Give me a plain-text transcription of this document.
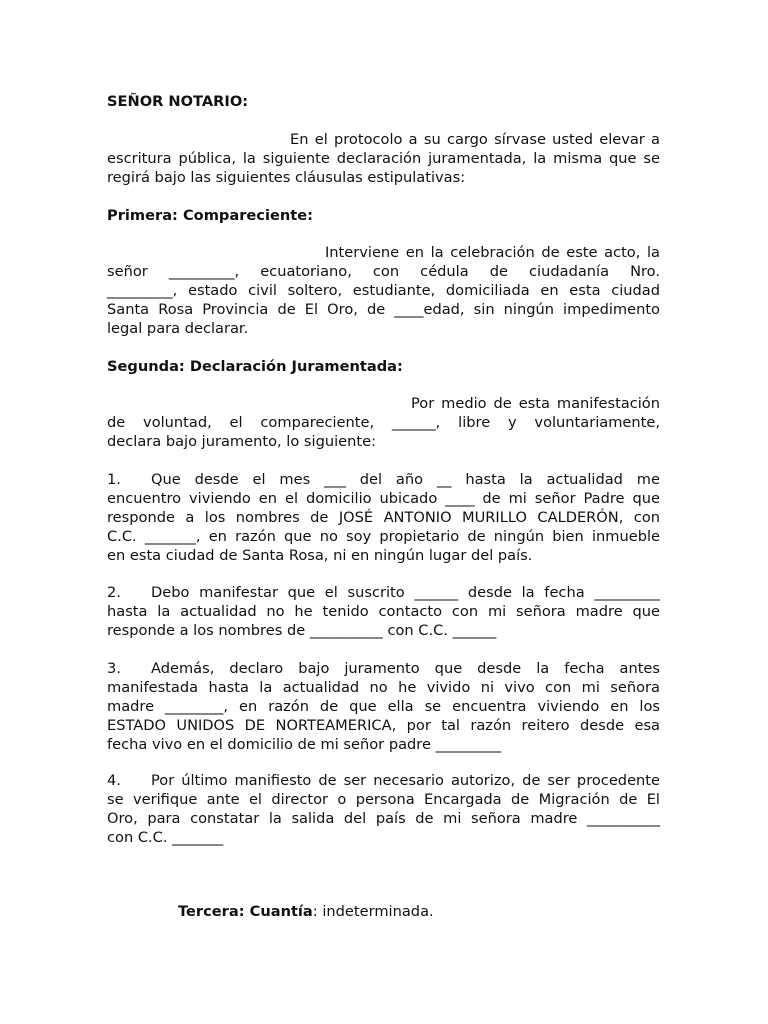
SEÑOR NOTARIO:
En el protocolo a su cargo sírvase usted elevar a
escritura pública, la siguiente declaración juramentada, la misma que se
regirá bajo las siguientes cláusulas estipulativas:
Primera: Compareciente:
Interviene en la celebración de este acto, la
señor _________, ecuatoriano, con cédula de ciudadanía Nro.
_________, estado civil soltero, estudiante, domiciliada en esta ciudad
Santa Rosa Provincia de El Oro, de ____edad, sin ningún impedimento
legal para declarar.
Segunda: Declaración Juramentada:
Por medio de esta manifestación
de voluntad, el compareciente, ______, libre y voluntariamente,
declara bajo juramento, lo siguiente:
1. Que desde el mes ___ del año __ hasta la actualidad me
encuentro viviendo en el domicilio ubicado ____ de mi señor Padre que
responde a los nombres de JOSÉ ANTONIO MURILLO CALDERÓN, con
C.C. _______, en razón que no soy propietario de ningún bien inmueble
en esta ciudad de Santa Rosa, ni en ningún lugar del país.
2. Debo manifestar que el suscrito ______ desde la fecha _________
hasta la actualidad no he tenido contacto con mi señora madre que
responde a los nombres de __________ con C.C. ______
3. Además, declaro bajo juramento que desde la fecha antes
manifestada hasta la actualidad no he vivido ni vivo con mi señora
madre ________, en razón de que ella se encuentra viviendo en los
ESTADO UNIDOS DE NORTEAMERICA, por tal razón reitero desde esa
fecha vivo en el domicilio de mi señor padre _________
4. Por último manifiesto de ser necesario autorizo, de ser procedente
se verifique ante el director o persona Encargada de Migración de El
Oro, para constatar la salida del país de mi señora madre __________
con C.C. _______
Tercera: Cuantía: indeterminada.
